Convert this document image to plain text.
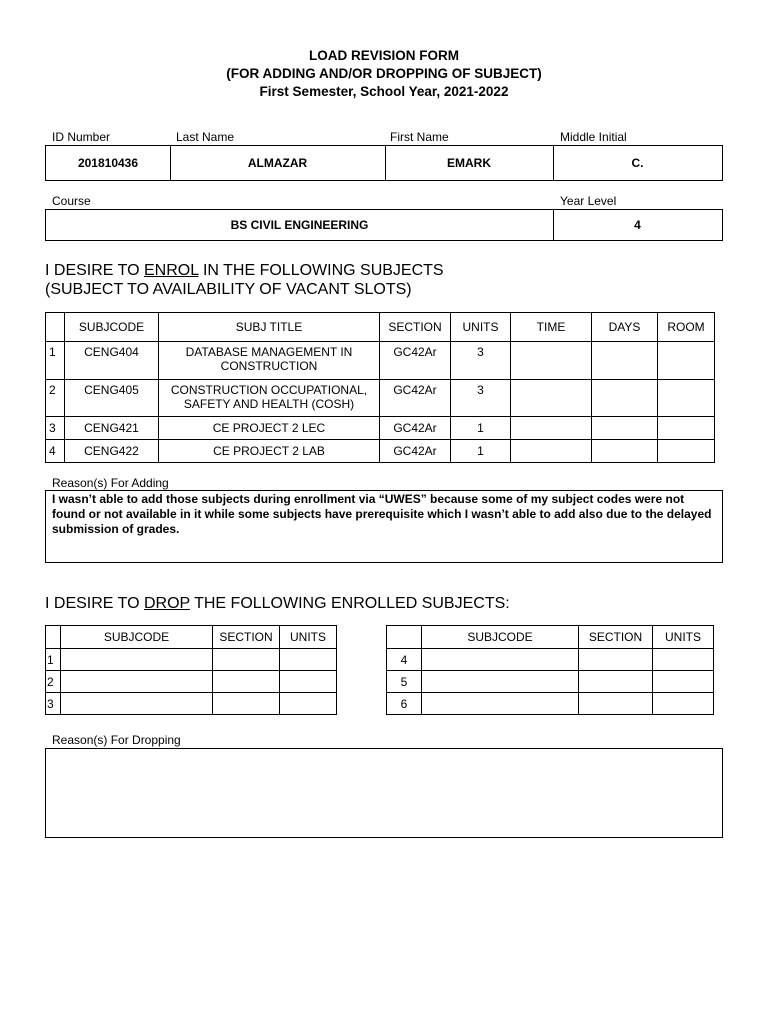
LOAD REVISION FORM
(FOR ADDING AND/OR DROPPING OF SUBJECT)
First Semester, School Year, 2021-2022
ID Number	Last Name	First Name	Middle Initial
201810436	ALMAZAR	EMARK	C.
Course	Year Level
BS CIVIL ENGINEERING	4
I DESIRE TO ENROL IN THE FOLLOWING SUBJECTS
(SUBJECT TO AVAILABILITY OF VACANT SLOTS)
	SUBJCODE	SUBJ TITLE	SECTION	UNITS	TIME	DAYS	ROOM
1	CENG404	DATABASE MANAGEMENT IN CONSTRUCTION	GC42Ar	3			
2	CENG405	CONSTRUCTION OCCUPATIONAL, SAFETY AND HEALTH (COSH)	GC42Ar	3			
3	CENG421	CE PROJECT 2 LEC	GC42Ar	1			
4	CENG422	CE PROJECT 2 LAB	GC42Ar	1			
Reason(s) For Adding
I wasn’t able to add those subjects during enrollment via “UWES” because some of my subject codes were not found or not available in it while some subjects have prerequisite which I wasn’t able to add also due to the delayed submission of grades.
I DESIRE TO DROP THE FOLLOWING ENROLLED SUBJECTS:
	SUBJCODE	SECTION	UNITS
1			
2			
3			
	SUBJCODE	SECTION	UNITS
4			
5			
6			
Reason(s) For Dropping
